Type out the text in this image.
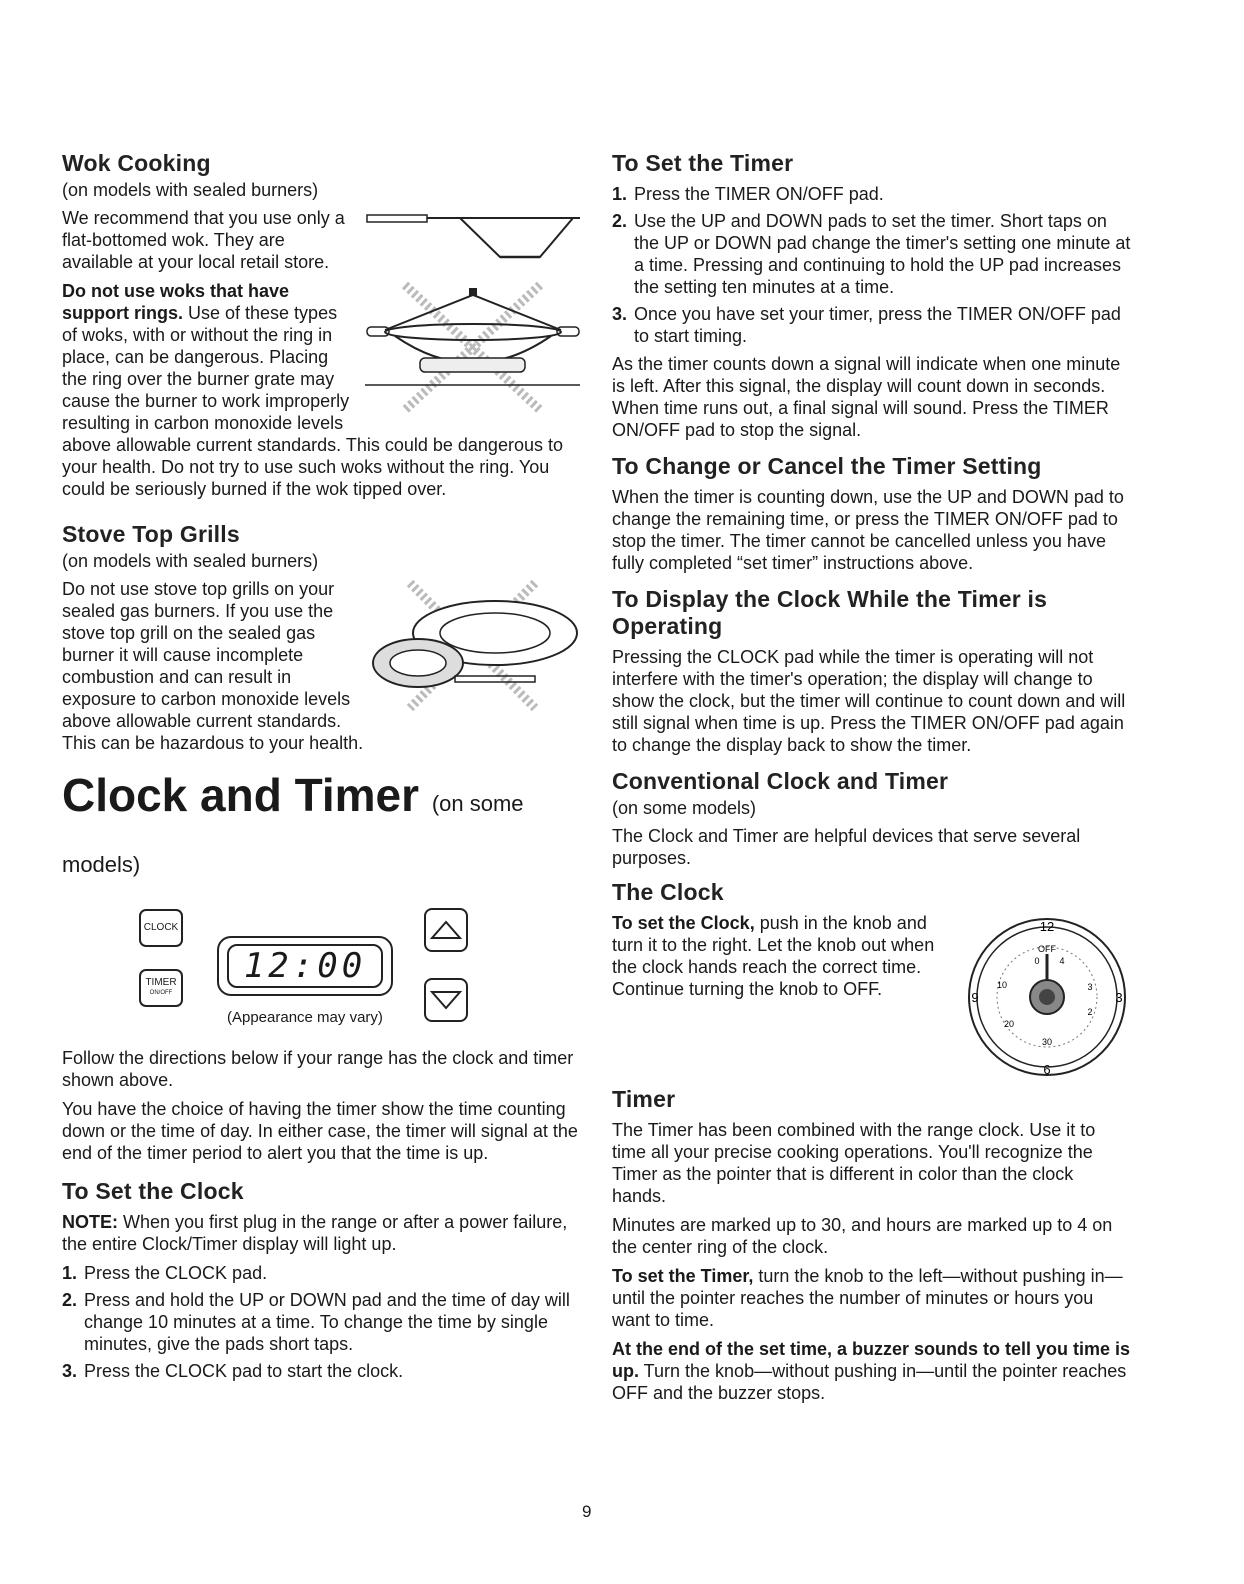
Wok Cooking
(on models with sealed burners)

We recommend that you use only a flat-bottomed wok. They are available at your local retail store.

Do not use woks that have support rings. Use of these types of woks, with or without the ring in place, can be dangerous. Placing the ring over the burner grate may cause the burner to work improperly resulting in carbon monoxide levels above allowable current standards. This could be dangerous to your health. Do not try to use such woks without the ring. You could be seriously burned if the wok tipped over.

Stove Top Grills
(on models with sealed burners)

Do not use stove top grills on your sealed gas burners. If you use the stove top grill on the sealed gas burner it will cause incomplete combustion and can result in exposure to carbon monoxide levels above allowable current standards. This can be hazardous to your health.

Clock and Timer (on some models)
CLOCK
TIMER
ON/OFF
12:00
(Appearance may vary)

Follow the directions below if your range has the clock and timer shown above.

You have the choice of having the timer show the time counting down or the time of day. In either case, the timer will signal at the end of the timer period to alert you that the time is up.

To Set the Clock

NOTE: When you first plug in the range or after a power failure, the entire Clock/Timer display will light up.

1. Press the CLOCK pad.
2. Press and hold the UP or DOWN pad and the time of day will change 10 minutes at a time. To change the time by single minutes, give the pads short taps.
3. Press the CLOCK pad to start the clock.
To Set the Timer
1. Press the TIMER ON/OFF pad.
2. Use the UP and DOWN pads to set the timer. Short taps on the UP or DOWN pad change the timer's setting one minute at a time. Pressing and continuing to hold the UP pad increases the setting ten minutes at a time.
3. Once you have set your timer, press the TIMER ON/OFF pad to start timing.

As the timer counts down a signal will indicate when one minute is left. After this signal, the display will count down in seconds. When time runs out, a final signal will sound. Press the TIMER ON/OFF pad to stop the signal.

To Change or Cancel the Timer Setting

When the timer is counting down, use the UP and DOWN pad to change the remaining time, or press the TIMER ON/OFF pad to stop the timer. The timer cannot be cancelled unless you have fully completed “set timer” instructions above.

To Display the Clock While the Timer is Operating

Pressing the CLOCK pad while the timer is operating will not interfere with the timer's operation; the display will change to show the clock, but the timer will continue to count down and will still signal when time is up. Press the TIMER ON/OFF pad again to change the display back to show the timer.

Conventional Clock and Timer
(on some models)

The Clock and Timer are helpful devices that serve several purposes.

The Clock
12
3
6
9
OFF
0 4
10
20
30
3
2

To set the Clock, push in the knob and turn it to the right. Let the knob out when the clock hands reach the correct time. Continue turning the knob to OFF.

Timer

The Timer has been combined with the range clock. Use it to time all your precise cooking operations. You'll recognize the Timer as the pointer that is different in color than the clock hands.

Minutes are marked up to 30, and hours are marked up to 4 on the center ring of the clock.

To set the Timer, turn the knob to the left—without pushing in—until the pointer reaches the number of minutes or hours you want to time.

At the end of the set time, a buzzer sounds to tell you time is up. Turn the knob—without pushing in—until the pointer reaches OFF and the buzzer stops.

9
